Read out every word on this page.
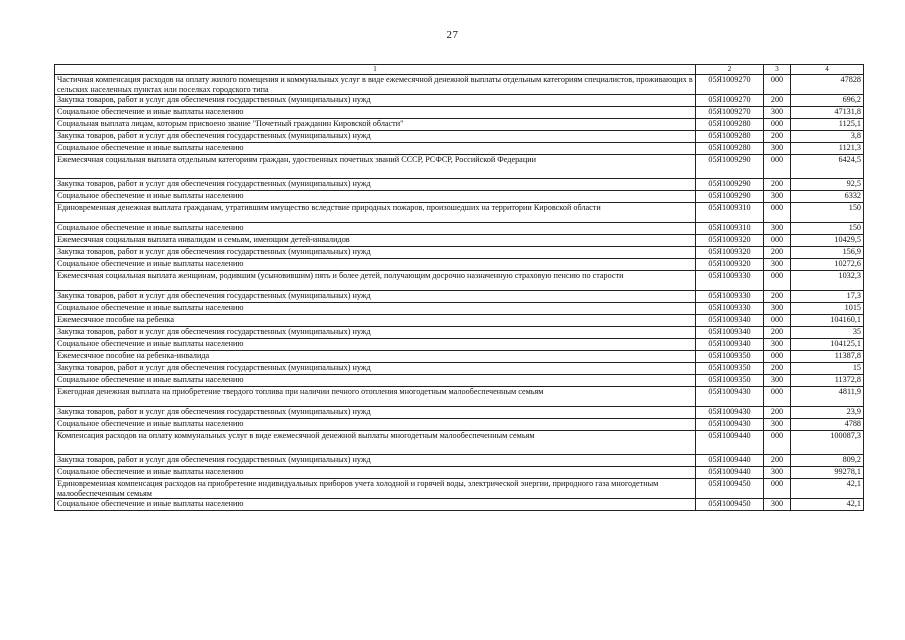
27
1	2	3	4
Частичная компенсация расходов на оплату жилого помещения и коммунальных услуг в виде ежемесячной денежной выплаты отдельным категориям специалистов, проживающих в сельских населенных пунктах или поселках городского типа	05Я1009270	000	47828
Закупка товаров, работ и услуг для обеспечения государственных (муниципальных) нужд	05Я1009270	200	696,2
Социальное обеспечение и иные выплаты населению	05Я1009270	300	47131,8
Социальная выплата лицам, которым присвоено звание "Почетный гражданин Кировской области"	05Я1009280	000	1125,1
Закупка товаров, работ и услуг для обеспечения государственных (муниципальных) нужд	05Я1009280	200	3,8
Социальное обеспечение и иные выплаты населению	05Я1009280	300	1121,3
Ежемесячная социальная выплата отдельным категориям граждан, удостоенных почетных званий СССР, РСФСР, Российской Федерации	05Я1009290	000	6424,5
Закупка товаров, работ и услуг для обеспечения государственных (муниципальных) нужд	05Я1009290	200	92,5
Социальное обеспечение и иные выплаты населению	05Я1009290	300	6332
Единовременная денежная выплата гражданам, утратившим имущество вследствие природных пожаров, произошедших на территории Кировской области	05Я1009310	000	150
Социальное обеспечение и иные выплаты населению	05Я1009310	300	150
Ежемесячная социальная выплата инвалидам и семьям, имеющим детей-инвалидов	05Я1009320	000	10429,5
Закупка товаров, работ и услуг для обеспечения государственных (муниципальных) нужд	05Я1009320	200	156,9
Социальное обеспечение и иные выплаты населению	05Я1009320	300	10272,6
Ежемесячная социальная выплата женщинам, родившим (усыновившим) пять и более детей, получающим досрочно назначенную страховую пенсию по старости	05Я1009330	000	1032,3
Закупка товаров, работ и услуг для обеспечения государственных (муниципальных) нужд	05Я1009330	200	17,3
Социальное обеспечение и иные выплаты населению	05Я1009330	300	1015
Ежемесячное пособие на ребенка	05Я1009340	000	104160,1
Закупка товаров, работ и услуг для обеспечения государственных (муниципальных) нужд	05Я1009340	200	35
Социальное обеспечение и иные выплаты населению	05Я1009340	300	104125,1
Ежемесячное пособие на ребенка-инвалида	05Я1009350	000	11387,8
Закупка товаров, работ и услуг для обеспечения государственных (муниципальных) нужд	05Я1009350	200	15
Социальное обеспечение и иные выплаты населению	05Я1009350	300	11372,8
Ежегодная денежная выплата на приобретение твердого топлива при наличии печного отопления многодетным малообеспеченным семьям	05Я1009430	000	4811,9
Закупка товаров, работ и услуг для обеспечения государственных (муниципальных) нужд	05Я1009430	200	23,9
Социальное обеспечение и иные выплаты населению	05Я1009430	300	4788
Компенсация расходов на оплату коммунальных услуг в виде ежемесячной денежной выплаты многодетным малообеспеченным семьям	05Я1009440	000	100087,3
Закупка товаров, работ и услуг для обеспечения государственных (муниципальных) нужд	05Я1009440	200	809,2
Социальное обеспечение и иные выплаты населению	05Я1009440	300	99278,1
Единовременная компенсация расходов на приобретение индивидуальных приборов учета холодной и горячей воды, электрической энергии, природного газа многодетным малообеспеченным семьям	05Я1009450	000	42,1
Социальное обеспечение и иные выплаты населению	05Я1009450	300	42,1
